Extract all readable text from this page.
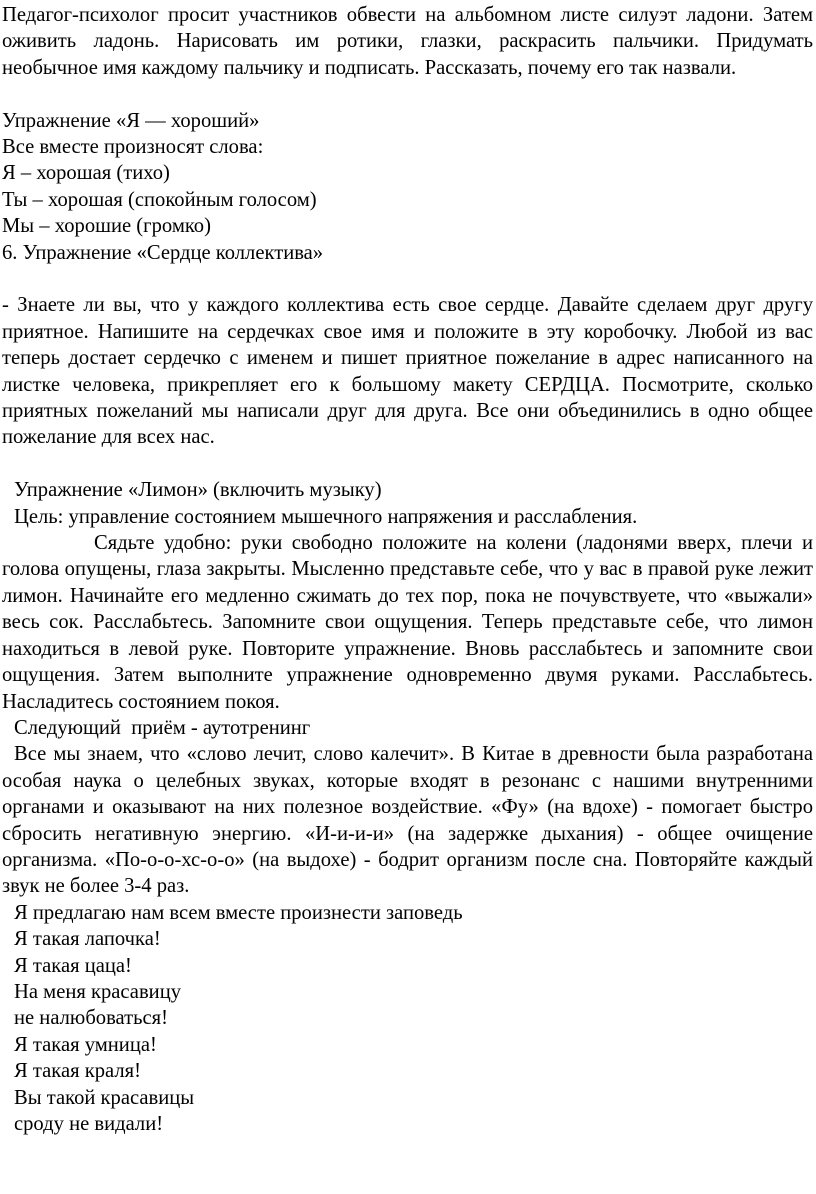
Педагог-психолог просит участников обвести на альбомном листе силуэт ладони. Затем оживить ладонь. Нарисовать им ротики, глазки, раскрасить пальчики. Придумать необычное имя каждому пальчику и подписать. Рассказать, почему его так назвали.

Упражнение «Я — хороший»

Все вместе произносят слова:

Я – хорошая (тихо)

Ты – хорошая (спокойным голосом)

Мы – хорошие (громко)

6. Упражнение «Сердце коллектива»

- Знаете ли вы, что у каждого коллектива есть свое сердце. Давайте сделаем друг другу приятное. Напишите на сердечках свое имя и положите в эту коробочку. Любой из вас теперь достает сердечко с именем и пишет приятное пожелание в адрес написанного на листке человека, прикрепляет его к большому макету СЕРДЦА. Посмотрите, сколько приятных пожеланий мы написали друг для друга. Все они объединились в одно общее пожелание для всех нас.

Упражнение «Лимон» (включить музыку)

Цель: управление состоянием мышечного напряжения и расслабления.

Сядьте удобно: руки свободно положите на колени (ладонями вверх, плечи и голова опущены, глаза закрыты. Мысленно представьте себе, что у вас в правой руке лежит лимон. Начинайте его медленно сжимать до тех пор, пока не почувствуете, что «выжали» весь сок. Расслабьтесь. Запомните свои ощущения. Теперь представьте себе, что лимон находиться в левой руке. Повторите упражнение. Вновь расслабьтесь и запомните свои ощущения. Затем выполните упражнение одновременно двумя руками. Расслабьтесь. Насладитесь состоянием покоя.

Следующий  приём - аутотренинг

Все мы знаем, что «слово лечит, слово калечит». В Китае в древности была разработана особая наука о целебных звуках, которые входят в резонанс с нашими внутренними органами и оказывают на них полезное воздействие. «Фу» (на вдохе) - помогает быстро сбросить негативную энергию. «И-и-и-и» (на задержке дыхания) - общее очищение организма. «По-о-о-хс-о-о» (на выдохе) - бодрит организм после сна. Повторяйте каждый звук не более 3-4 раз.

Я предлагаю нам всем вместе произнести заповедь

Я такая лапочка!

Я такая цаца!

На меня красавицу

не налюбоваться!

Я такая умница!

Я такая краля!

Вы такой красавицы

сроду не видали!
